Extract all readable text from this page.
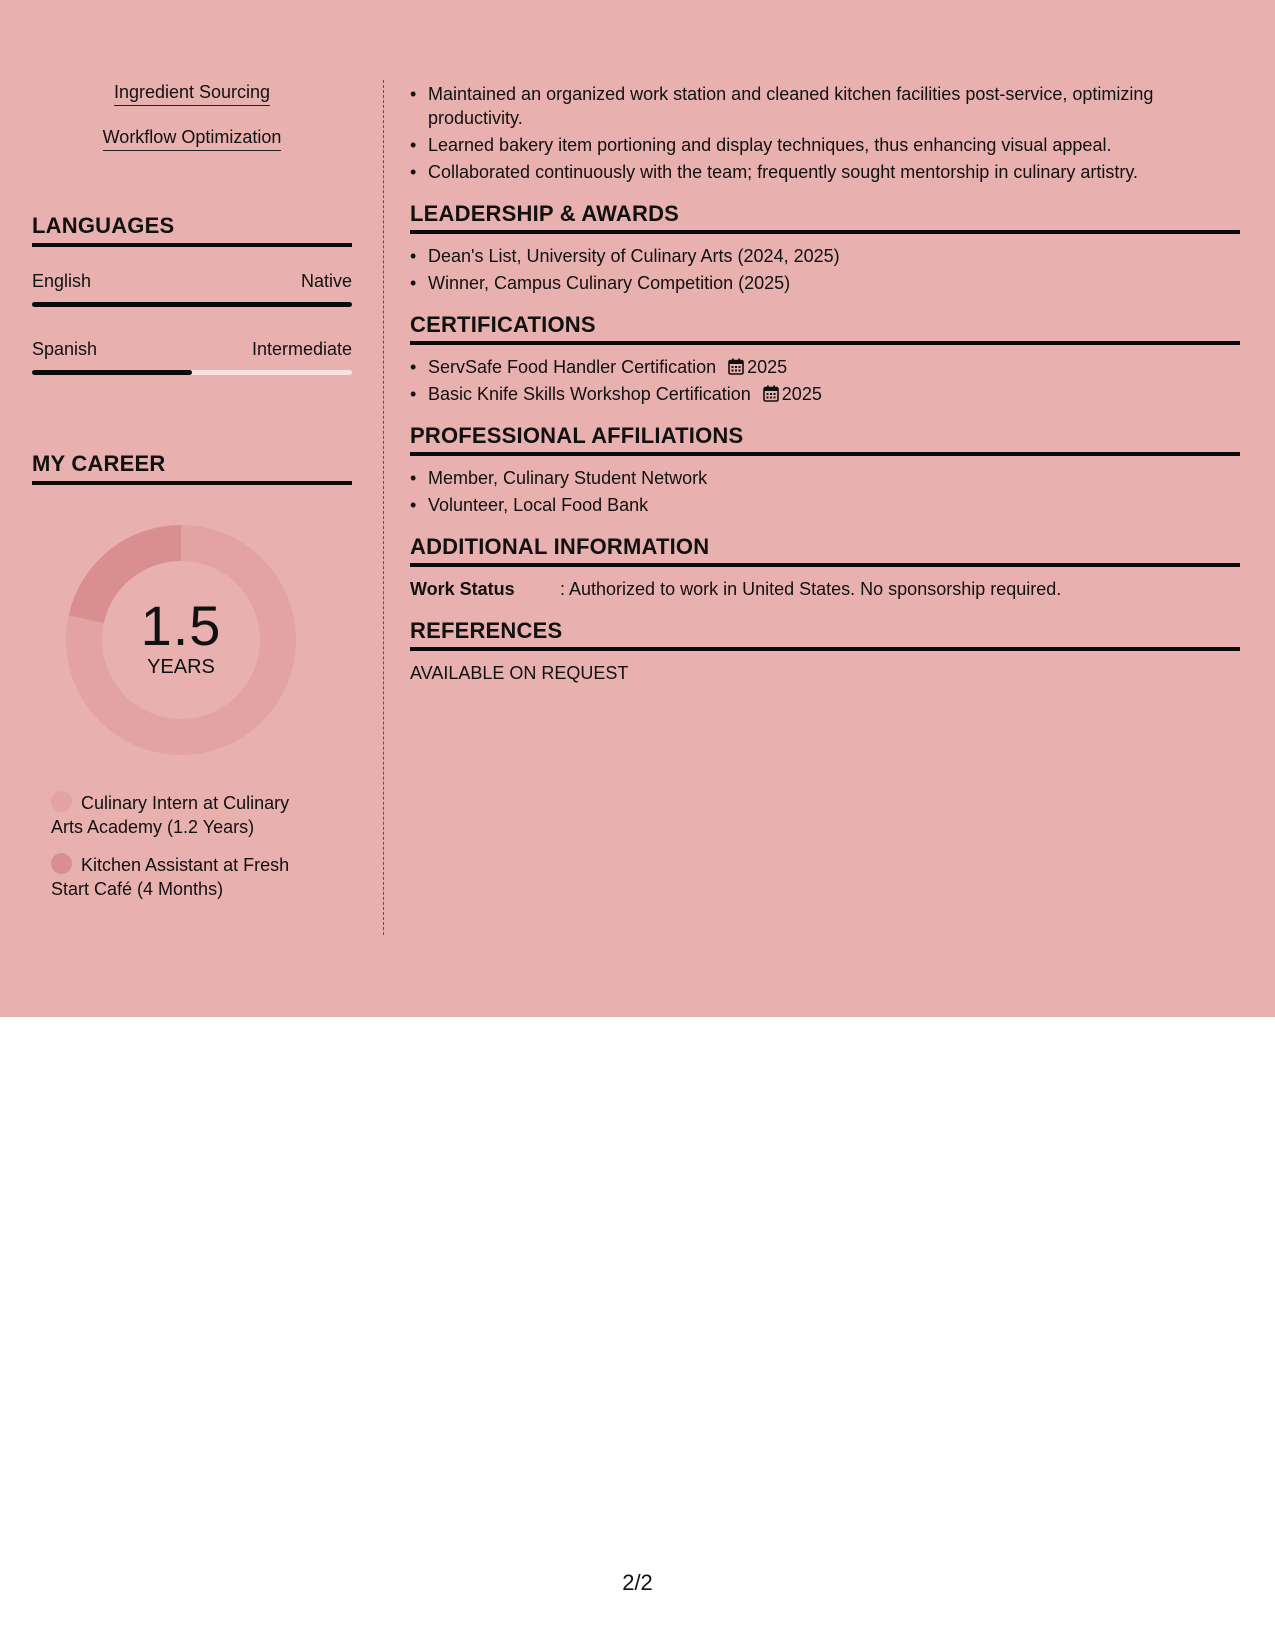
Ingredient Sourcing
Workflow Optimization
LANGUAGES
English	Native
Spanish	Intermediate
MY CAREER
1.5
YEARS
Culinary Intern at Culinary Arts Academy (1.2 Years)
Kitchen Assistant at Fresh Start Café (4 Months)
• Maintained an organized work station and cleaned kitchen facilities post-service, optimizing productivity.
• Learned bakery item portioning and display techniques, thus enhancing visual appeal.
• Collaborated continuously with the team; frequently sought mentorship in culinary artistry.
LEADERSHIP & AWARDS
• Dean's List, University of Culinary Arts (2024, 2025)
• Winner, Campus Culinary Competition (2025)
CERTIFICATIONS
• ServSafe Food Handler Certification 2025
• Basic Knife Skills Workshop Certification 2025
PROFESSIONAL AFFILIATIONS
• Member, Culinary Student Network
• Volunteer, Local Food Bank
ADDITIONAL INFORMATION
Work Status	: Authorized to work in United States. No sponsorship required.
REFERENCES
AVAILABLE ON REQUEST
2/2
